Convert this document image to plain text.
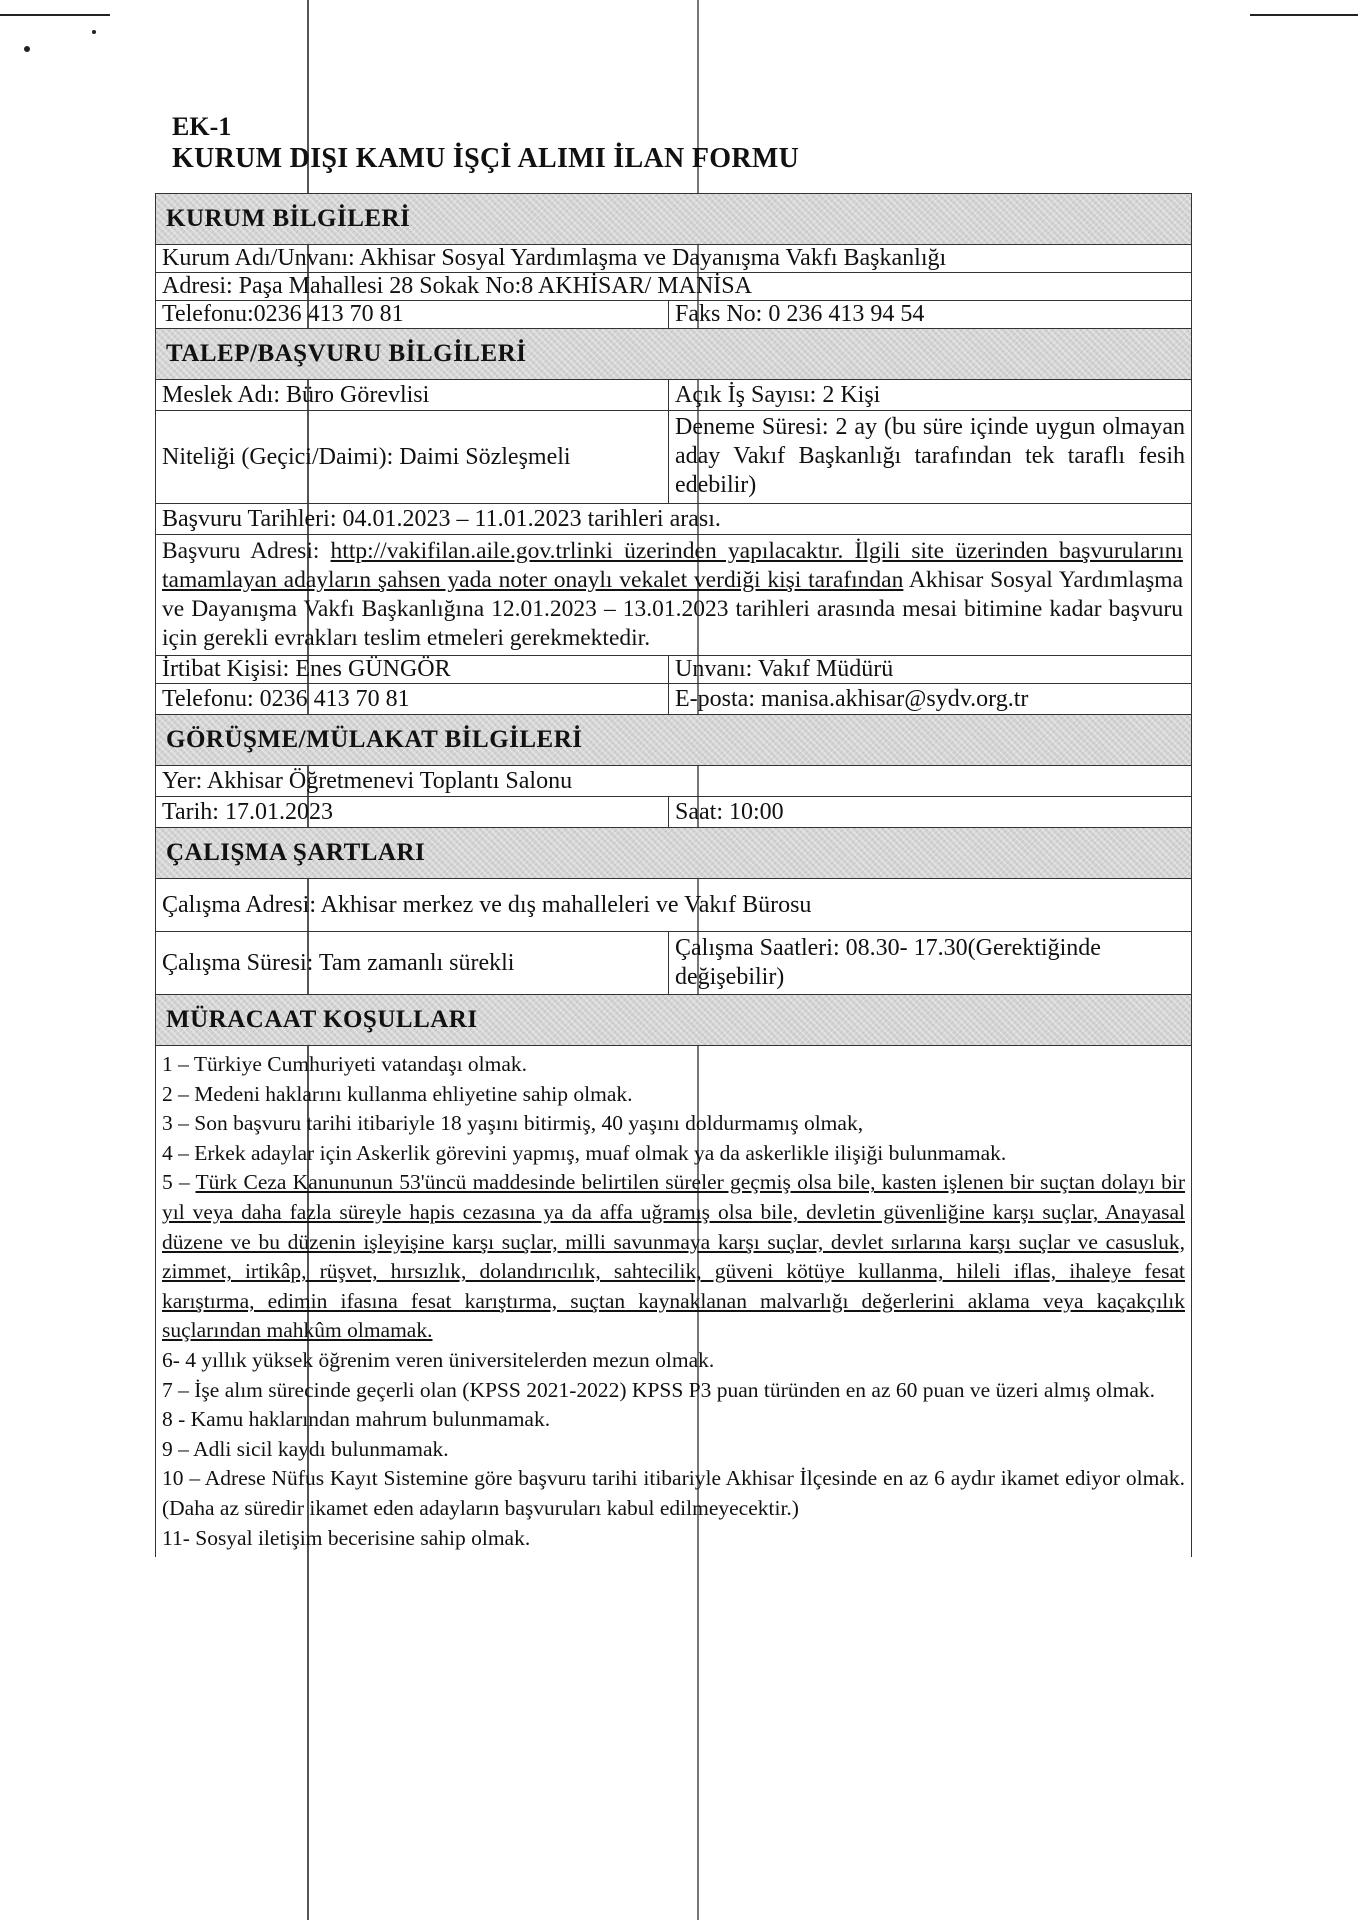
EK-1
KURUM DIŞI KAMU İŞÇİ ALIMI İLAN FORMU
KURUM BİLGİLERİ
Kurum Adı/Unvanı: Akhisar Sosyal Yardımlaşma ve Dayanışma Vakfı Başkanlığı
Adresi: Paşa Mahallesi 28 Sokak No:8 AKHİSAR/ MANİSA
Telefonu:0236 413 70 81	Faks No: 0 236 413 94 54
TALEP/BAŞVURU BİLGİLERİ
Meslek Adı: Büro Görevlisi	Açık İş Sayısı: 2 Kişi
Niteliği (Geçici/Daimi): Daimi Sözleşmeli
Deneme Süresi: 2 ay (bu süre içinde uygun olmayan aday Vakıf Başkanlığı tarafından tek taraflı fesih edebilir)
Başvuru Tarihleri: 04.01.2023 – 11.01.2023 tarihleri arası.
Başvuru Adresi: http://vakifilan.aile.gov.trlinki üzerinden yapılacaktır. İlgili site üzerinden başvurularını tamamlayan adayların şahsen yada noter onaylı vekalet verdiği kişi tarafından Akhisar Sosyal Yardımlaşma ve Dayanışma Vakfı Başkanlığına 12.01.2023 – 13.01.2023 tarihleri arasında mesai bitimine kadar başvuru için gerekli evrakları teslim etmeleri gerekmektedir.
İrtibat Kişisi: Enes GÜNGÖR	Unvanı: Vakıf Müdürü
Telefonu: 0236 413 70 81	E-posta: manisa.akhisar@sydv.org.tr
GÖRÜŞME/MÜLAKAT BİLGİLERİ
Yer: Akhisar Öğretmenevi Toplantı Salonu
Tarih: 17.01.2023	Saat: 10:00
ÇALIŞMA ŞARTLARI
Çalışma Adresi: Akhisar merkez ve dış mahalleleri ve Vakıf Bürosu
Çalışma Süresi: Tam zamanlı sürekli
Çalışma Saatleri: 08.30- 17.30(Gerektiğinde değişebilir)
MÜRACAAT KOŞULLARI

1 – Türkiye Cumhuriyeti vatandaşı olmak.

2 – Medeni haklarını kullanma ehliyetine sahip olmak.

3 – Son başvuru tarihi itibariyle 18 yaşını bitirmiş, 40 yaşını doldurmamış olmak,

4 – Erkek adaylar için Askerlik görevini yapmış, muaf olmak ya da askerlikle ilişiği bulunmamak.

5 – Türk Ceza Kanununun 53'üncü maddesinde belirtilen süreler geçmiş olsa bile, kasten işlenen bir suçtan dolayı bir yıl veya daha fazla süreyle hapis cezasına ya da affa uğramış olsa bile, devletin güvenliğine karşı suçlar, Anayasal düzene ve bu düzenin işleyişine karşı suçlar, milli savunmaya karşı suçlar, devlet sırlarına karşı suçlar ve casusluk, zimmet, irtikâp, rüşvet, hırsızlık, dolandırıcılık, sahtecilik, güveni kötüye kullanma, hileli iflas, ihaleye fesat karıştırma, edimin ifasına fesat karıştırma, suçtan kaynaklanan malvarlığı değerlerini aklama veya kaçakçılık suçlarından mahkûm olmamak.

6- 4 yıllık yüksek öğrenim veren üniversitelerden mezun olmak.

7 – İşe alım sürecinde geçerli olan (KPSS 2021-2022) KPSS P3 puan türünden en az 60 puan ve üzeri almış olmak.

8 - Kamu haklarından mahrum bulunmamak.

9 – Adli sicil kaydı bulunmamak.

10 – Adrese Nüfus Kayıt Sistemine göre başvuru tarihi itibariyle Akhisar İlçesinde en az 6 aydır ikamet ediyor olmak.(Daha az süredir ikamet eden adayların başvuruları kabul edilmeyecektir.)

11- Sosyal iletişim becerisine sahip olmak.
